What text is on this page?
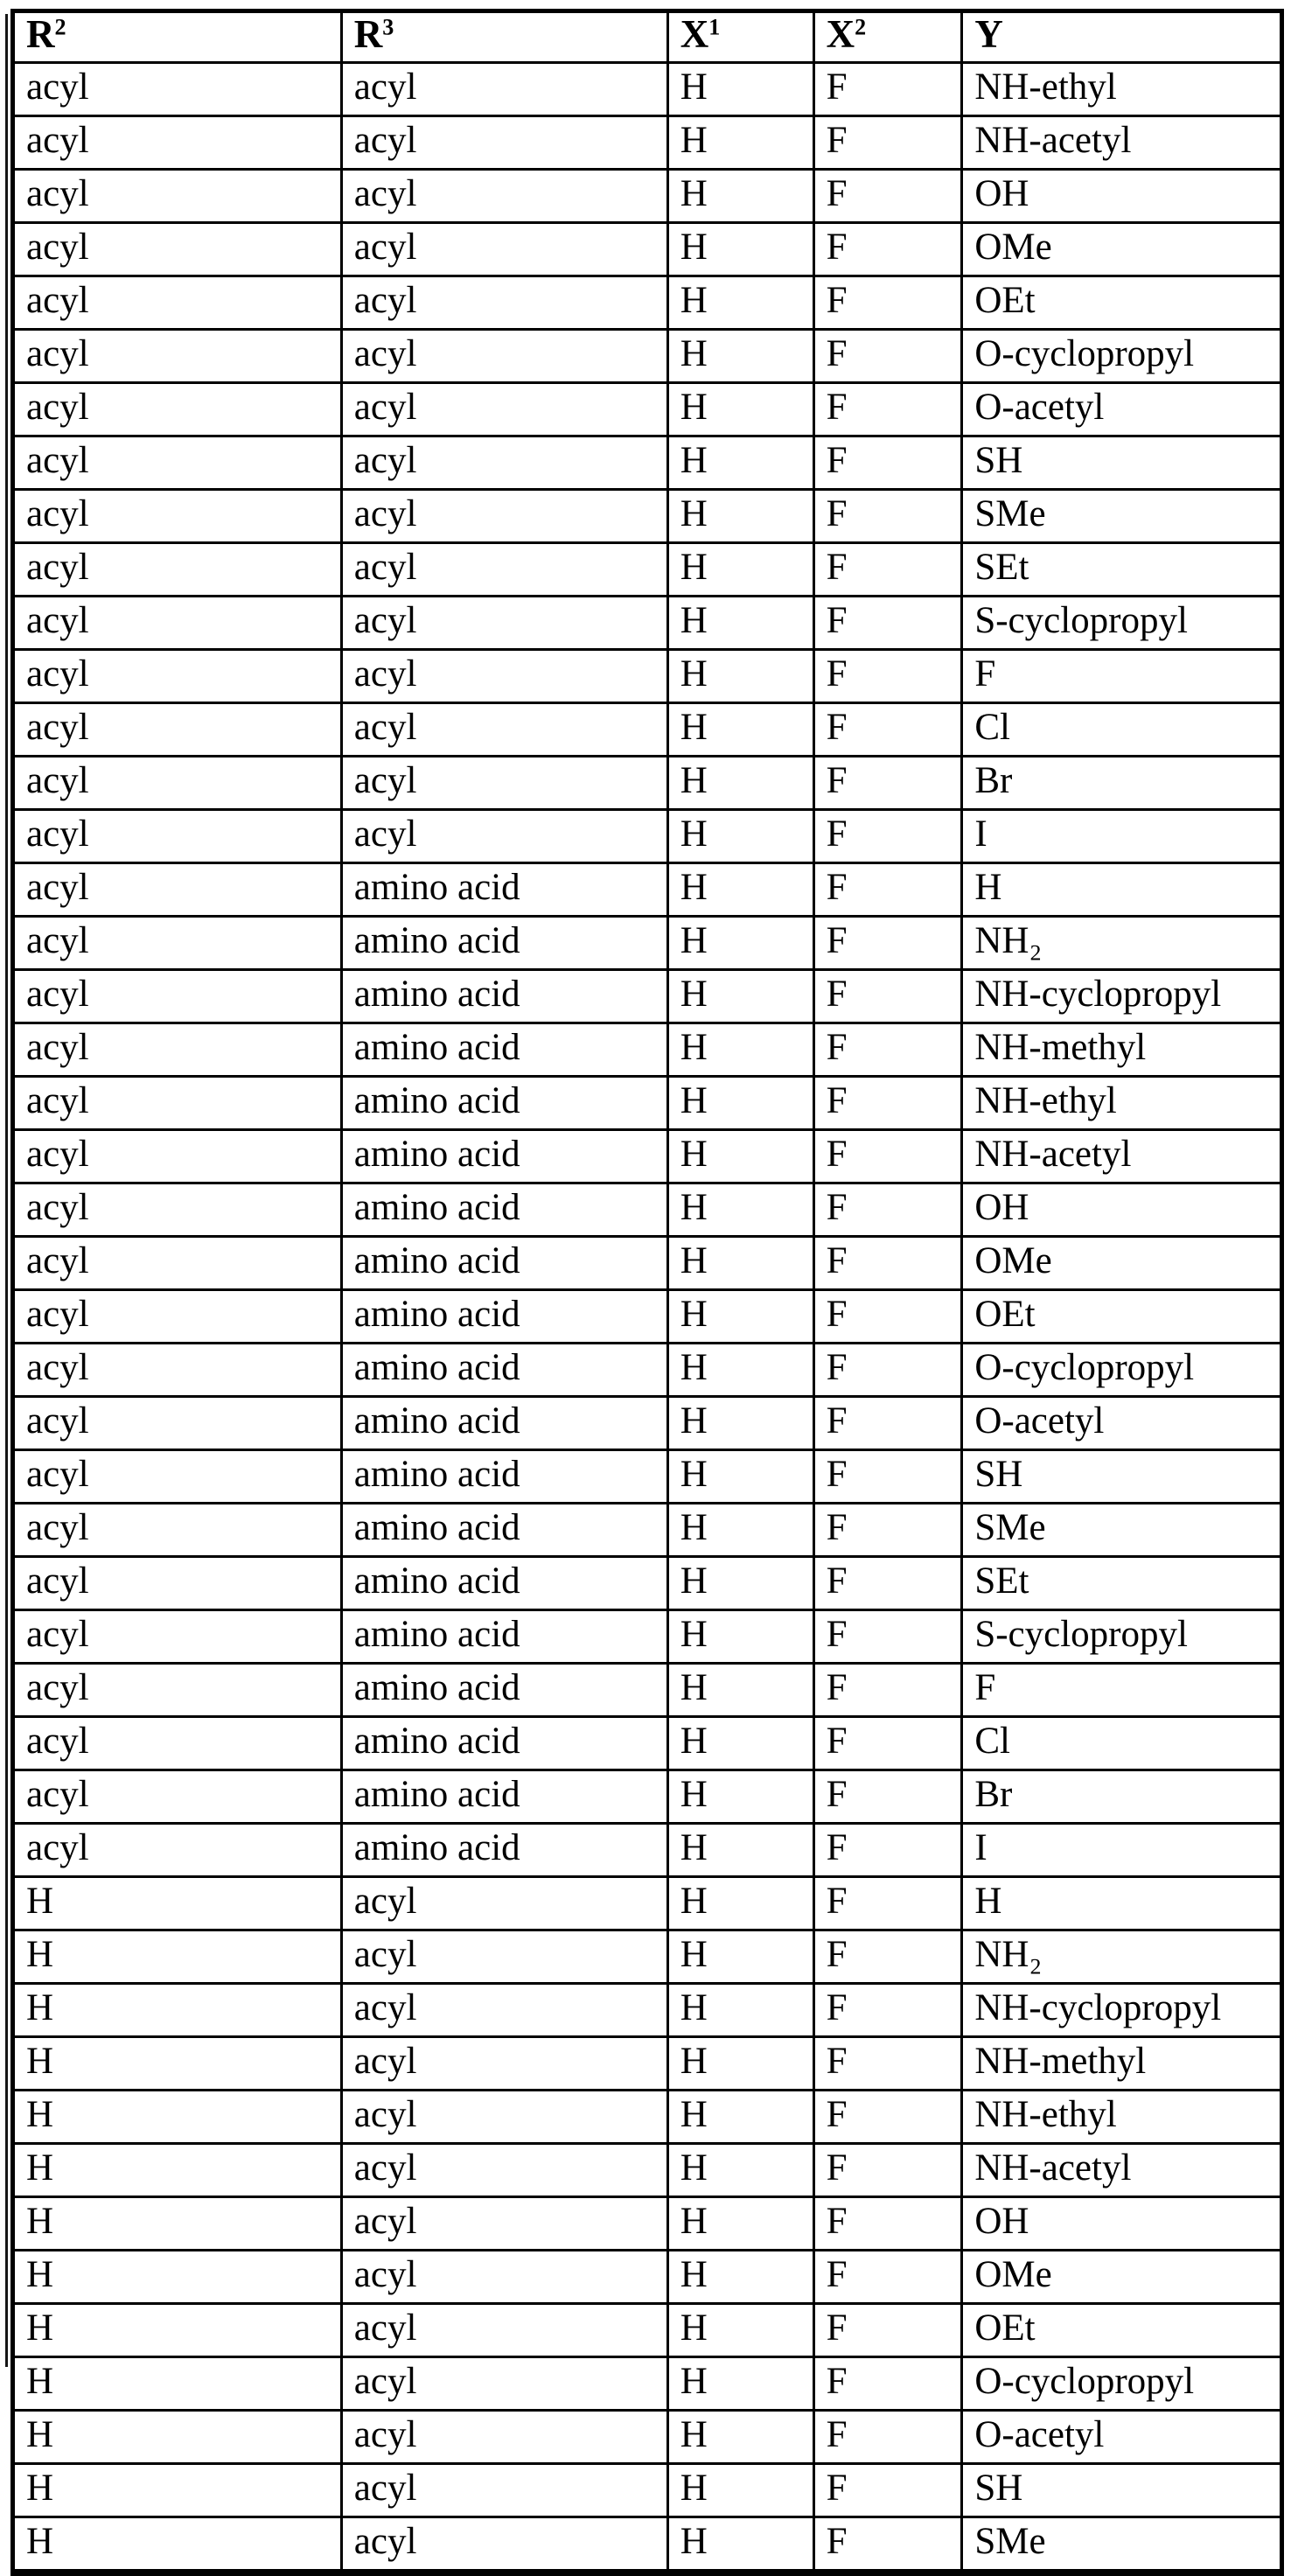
$R^2$	$R^3$	$X^1$	$X^2$	Y
acyl	acyl	H	F	NH-ethyl
acyl	acyl	H	F	NH-acetyl
acyl	acyl	H	F	OH
acyl	acyl	H	F	OMe
acyl	acyl	H	F	OEt
acyl	acyl	H	F	O-cyclopropyl
acyl	acyl	H	F	O-acetyl
acyl	acyl	H	F	SH
acyl	acyl	H	F	SMe
acyl	acyl	H	F	SEt
acyl	acyl	H	F	S-cyclopropyl
acyl	acyl	H	F	F
acyl	acyl	H	F	Cl
acyl	acyl	H	F	Br
acyl	acyl	H	F	I
acyl	amino acid	H	F	H
acyl	amino acid	H	F	NH₂
acyl	amino acid	H	F	NH-cyclopropyl
acyl	amino acid	H	F	NH-methyl
acyl	amino acid	H	F	NH-ethyl
acyl	amino acid	H	F	NH-acetyl
acyl	amino acid	H	F	OH
acyl	amino acid	H	F	OMe
acyl	amino acid	H	F	OEt
acyl	amino acid	H	F	O-cyclopropyl
acyl	amino acid	H	F	O-acetyl
acyl	amino acid	H	F	SH
acyl	amino acid	H	F	SMe
acyl	amino acid	H	F	SEt
acyl	amino acid	H	F	S-cyclopropyl
acyl	amino acid	H	F	F
acyl	amino acid	H	F	Cl
acyl	amino acid	H	F	Br
acyl	amino acid	H	F	I
H	acyl	H	F	H
H	acyl	H	F	NH₂
H	acyl	H	F	NH-cyclopropyl
H	acyl	H	F	NH-methyl
H	acyl	H	F	NH-ethyl
H	acyl	H	F	NH-acetyl
H	acyl	H	F	OH
H	acyl	H	F	OMe
H	acyl	H	F	OEt
H	acyl	H	F	O-cyclopropyl
H	acyl	H	F	O-acetyl
H	acyl	H	F	SH
H	acyl	H	F	SMe
